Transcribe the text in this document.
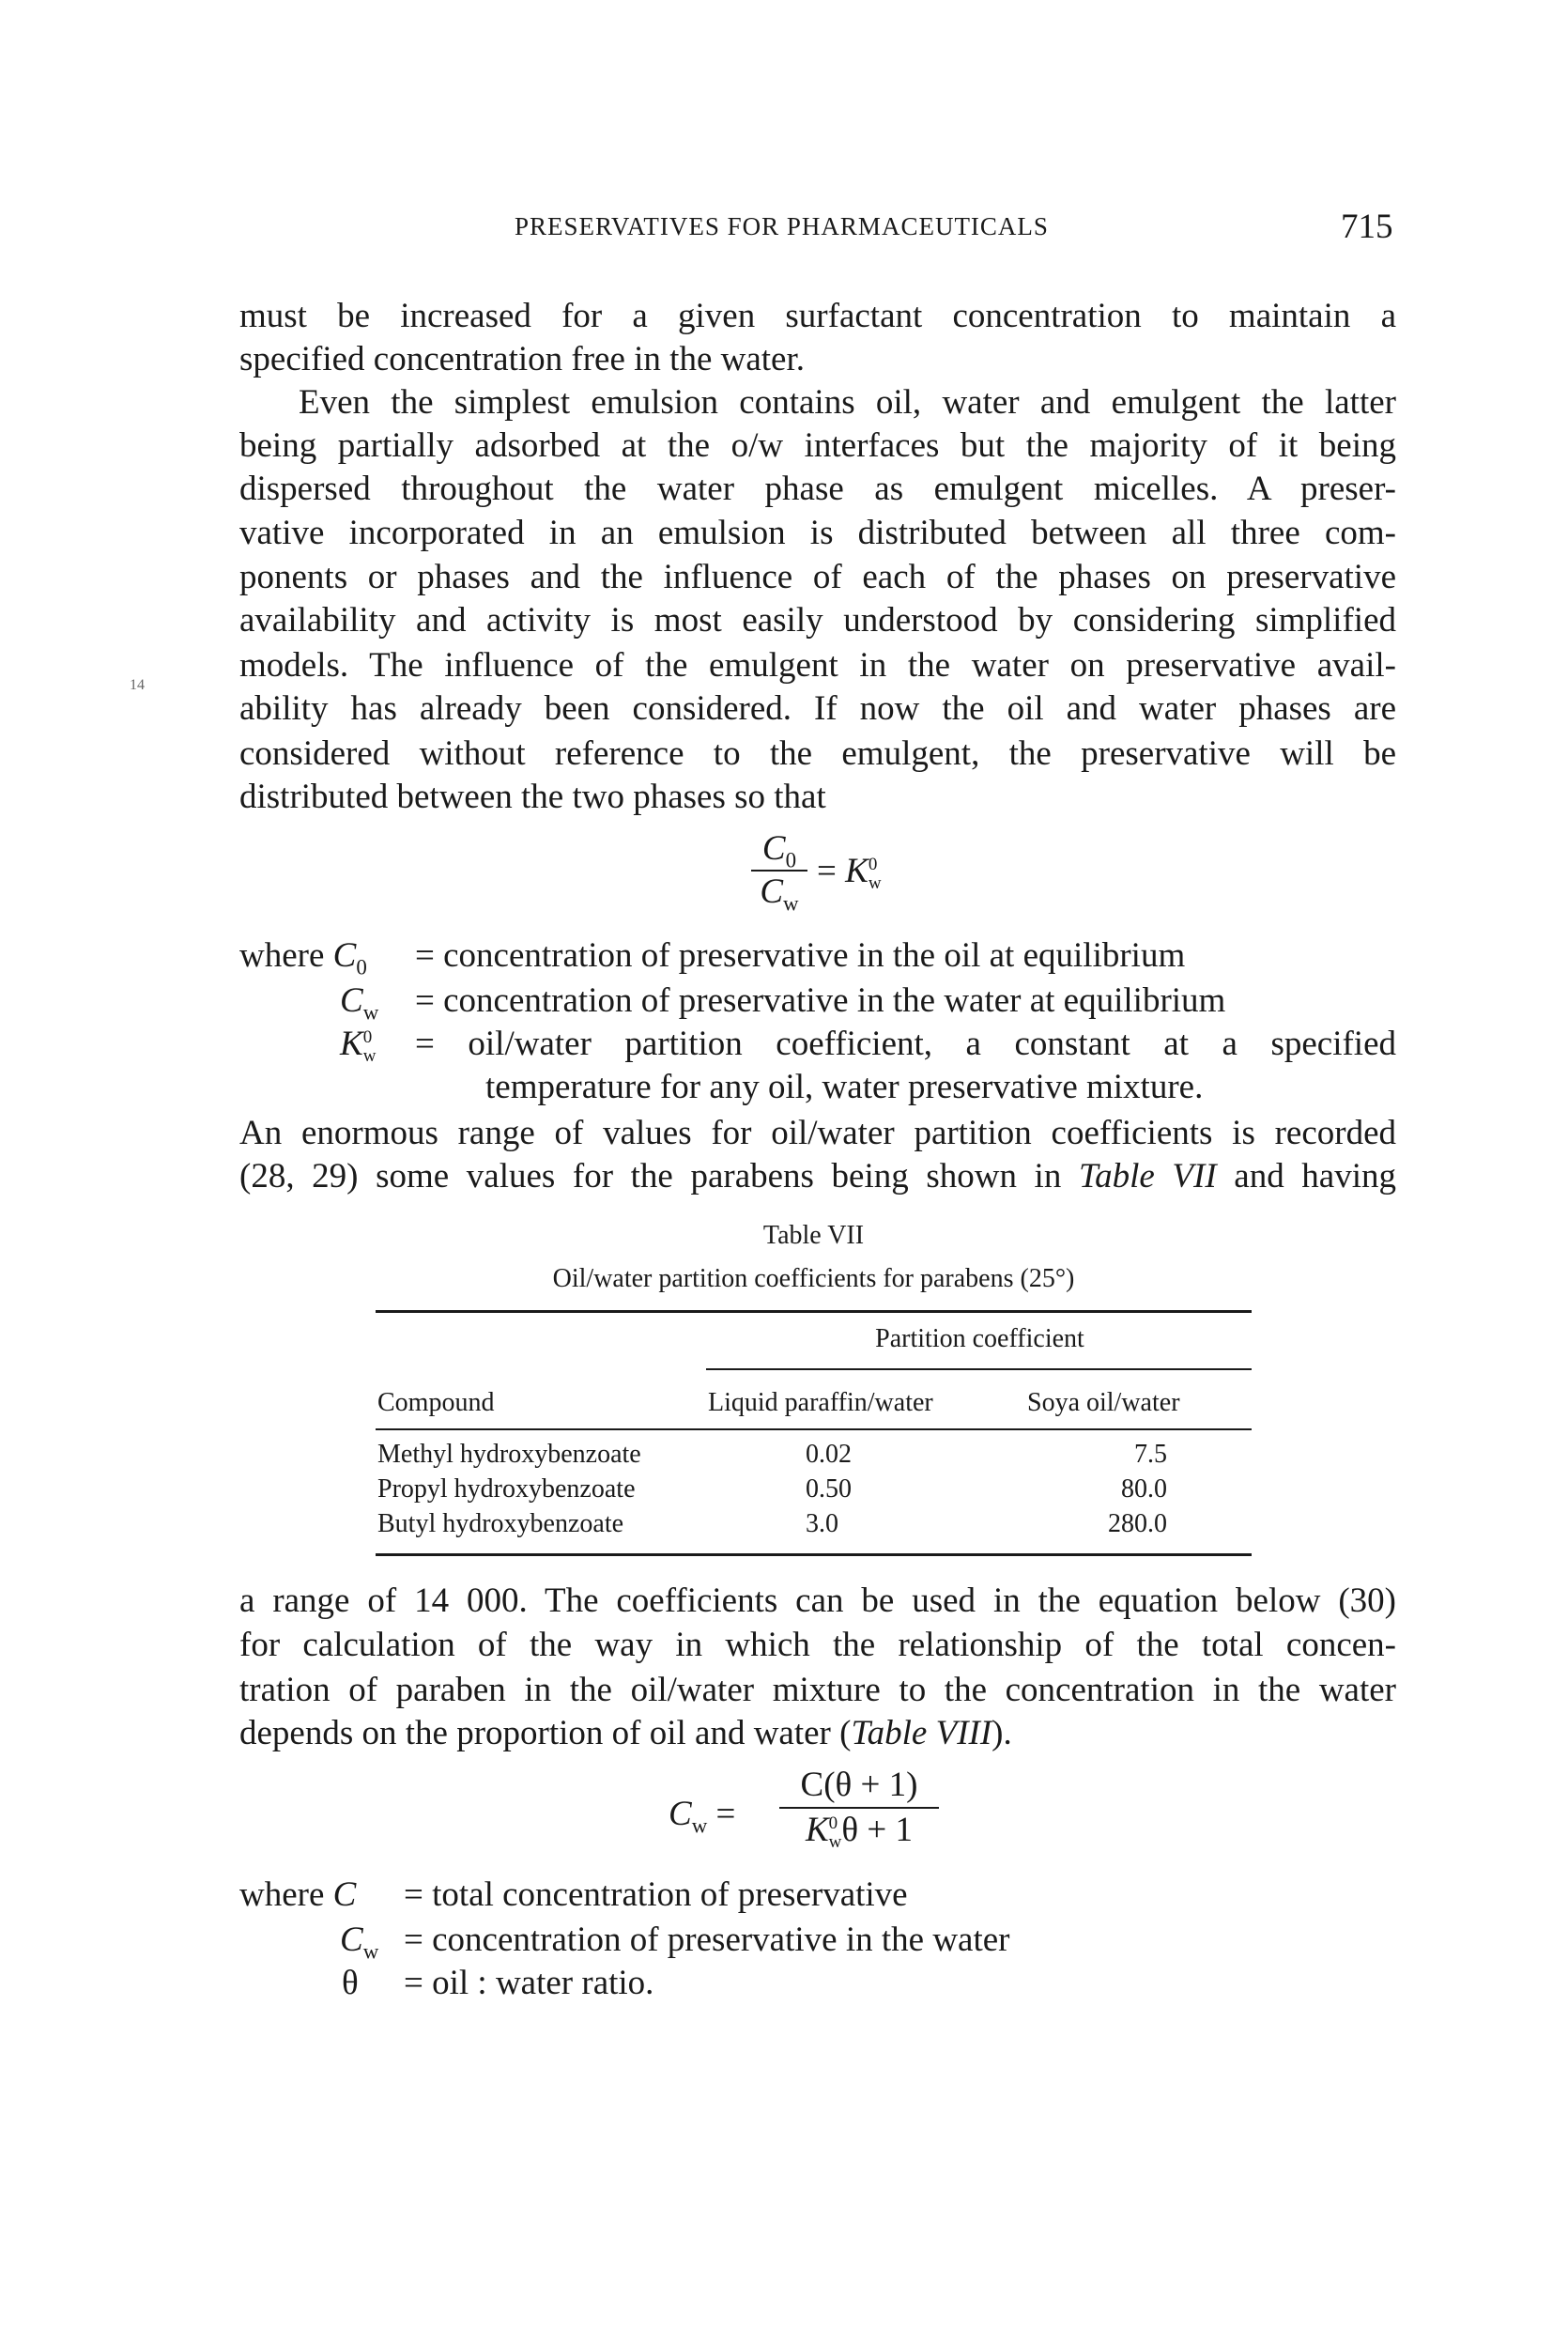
PRESERVATIVES FOR PHARMACEUTICALS	715
14
must be increased for a given surfactant concentration to maintain a
specified concentration free in the water.
Even the simplest emulsion contains oil, water and emulgent the latter
being partially adsorbed at the o/w interfaces but the majority of it being
dispersed throughout the water phase as emulgent micelles. A preser-
vative incorporated in an emulsion is distributed between all three com-
ponents or phases and the influence of each of the phases on preservative
availability and activity is most easily understood by considering simplified
models. The influence of the emulgent in the water on preservative avail-
ability has already been considered. If now the oil and water phases are
considered without reference to the emulgent, the preservative will be
distributed between the two phases so that
$C_0$
$C_w$
= K 0
w
where $C_0$ = concentration of preservative in the oil at equilibrium
$C_w$ = concentration of preservative in the water at equilibrium
K 0
w = oil/water partition coefficient, a constant at a specified
temperature for any oil, water preservative mixture.
An enormous range of values for oil/water partition coefficients is recorded
(28, 29) some values for the parabens being shown in Table VII and having
Table VII
Oil/water partition coefficients for parabens (25°)
Partition coefficient
Compound	Liquid paraffin/water	Soya oil/water
Methyl hydroxybenzoate	0.02	7.5
Propyl hydroxybenzoate	0.50	80.0
Butyl hydroxybenzoate	3.0	280.0
a range of 14 000. The coefficients can be used in the equation below (30)
for calculation of the way in which the relationship of the total concen-
tration of paraben in the oil/water mixture to the concentration in the water
depends on the proportion of oil and water (Table VIII).
$C_w$ =
C(θ + 1)
K 0
w θ + 1
where C = total concentration of preservative
$C_w$ = concentration of preservative in the water
θ = oil : water ratio.
